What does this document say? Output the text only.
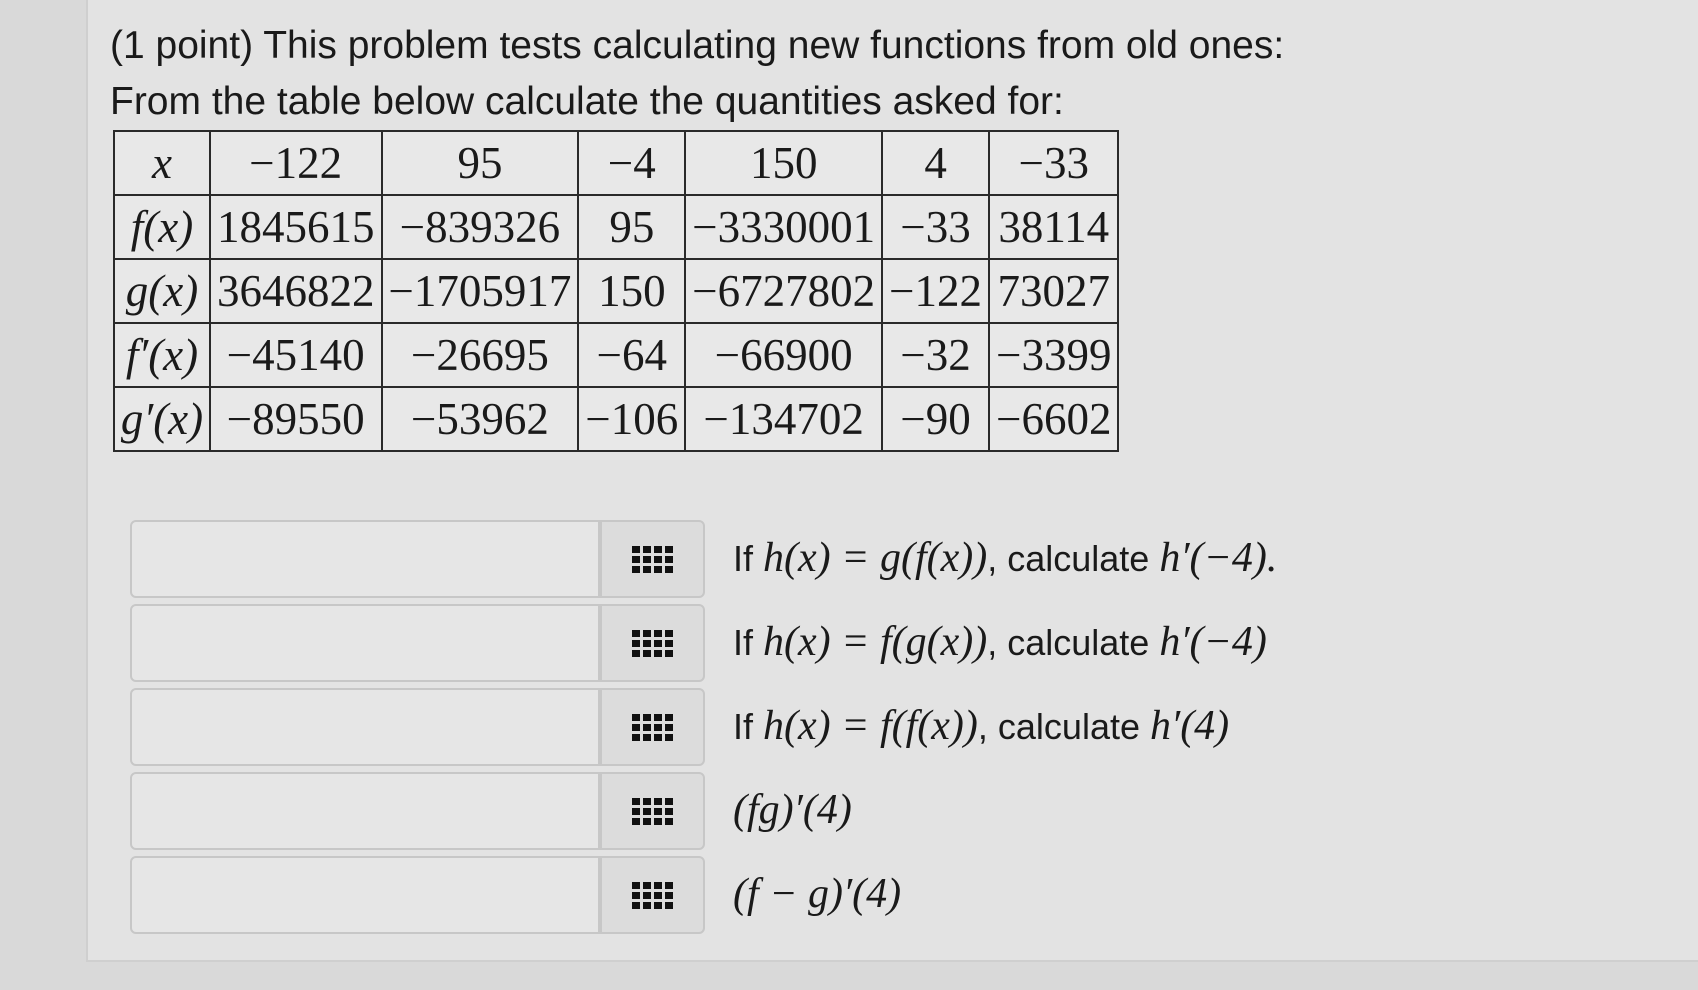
(1 point) This problem tests calculating new functions from old ones:
From the table below calculate the quantities asked for:
x	−122	95	−4	150	4	−33
f(x)	1845615	−839326	95	−3330001	−33	38114
g(x)	3646822	−1705917	150	−6727802	−122	73027
f′(x)	−45140	−26695	−64	−66900	−32	−3399
g′(x)	−89550	−53962	−106	−134702	−90	−6602
If h(x) = g(f(x)), calculate h′(−4).
If h(x) = f(g(x)), calculate h′(−4)
If h(x) = f(f(x)), calculate h′(4)
(fg)′(4)
(f − g)′(4)
